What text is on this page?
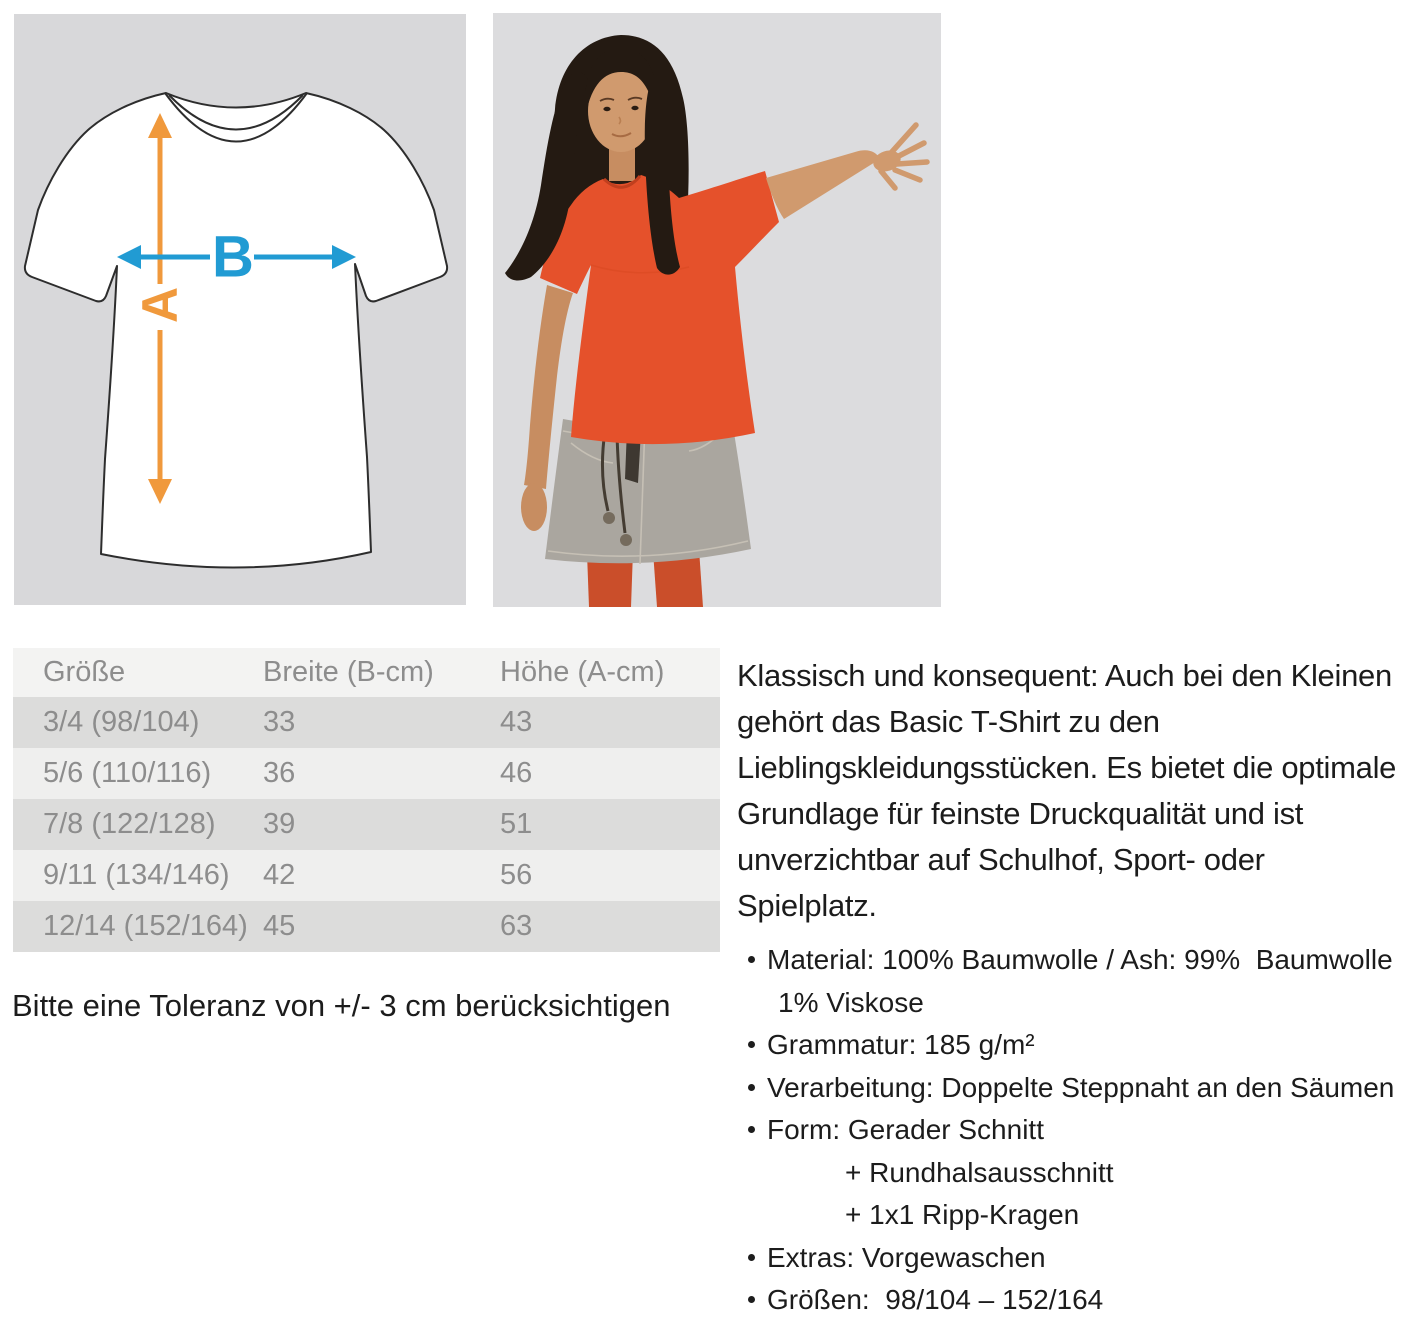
A
B
Größe	Breite (B-cm)	Höhe (A-cm)
3/4 (98/104)	33	43
5/6 (110/116)	36	46
7/8 (122/128)	39	51
9/11 (134/146)	42	56
12/14 (152/164) 45	63

Bitte eine Toleranz von +/- 3 cm berücksichtigen

Klassisch und konsequent: Auch bei den Kleinen gehört das Basic T-Shirt zu den Lieblingskleidungsstücken. Es bietet die optimale Grundlage für feinste Druckqualität und ist unverzichtbar auf Schulhof, Sport- oder Spielplatz.

Material: 100% Baumwolle / Ash: 99%  Baumwolle
1% Viskose
Grammatur: 185 g/m²
Verarbeitung: Doppelte Steppnaht an den Säumen
Form: Gerader Schnitt
+ Rundhalsausschnitt
+ 1x1 Ripp-Kragen
Extras: Vorgewaschen
Größen:  98/104 – 152/164
